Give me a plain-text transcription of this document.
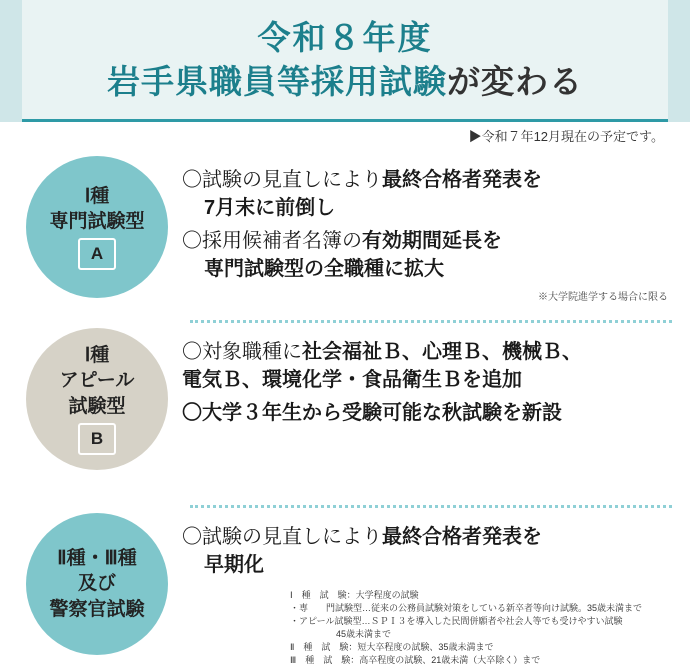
令和８年度
岩手県職員等採用試験が変わる
▶令和７年12月現在の予定です。
Ⅰ種
専門試験型
A
〇試験の見直しにより最終合格者発表を
7月末に前倒し
〇採用候補者名簿の有効期間延長を
専門試験型の全職種に拡大
※大学院進学する場合に限る
Ⅰ種
アピール
試験型
B
〇対象職種に社会福祉Ｂ、心理Ｂ、機械Ｂ、
電気Ｂ、環境化学・食品衛生Ｂを追加
〇大学３年生から受験可能な秋試験を新設
Ⅱ種・Ⅲ種
及び
警察官試験
〇試験の見直しにより最終合格者発表を
早期化
Ⅰ　種　試　験：大学程度の試験
・専　　門試験型…従来の公務員試験対策をしている新卒者等向け試験。35歳未満まで
・アピール試験型…ＳＰＩ３を導入した民間併願者や社会人等でも受けやすい試験
45歳未満まで
Ⅱ　種　試　験：短大卒程度の試験、35歳未満まで
Ⅲ　種　試　験：高卒程度の試験、21歳未満（大卒除く）まで
